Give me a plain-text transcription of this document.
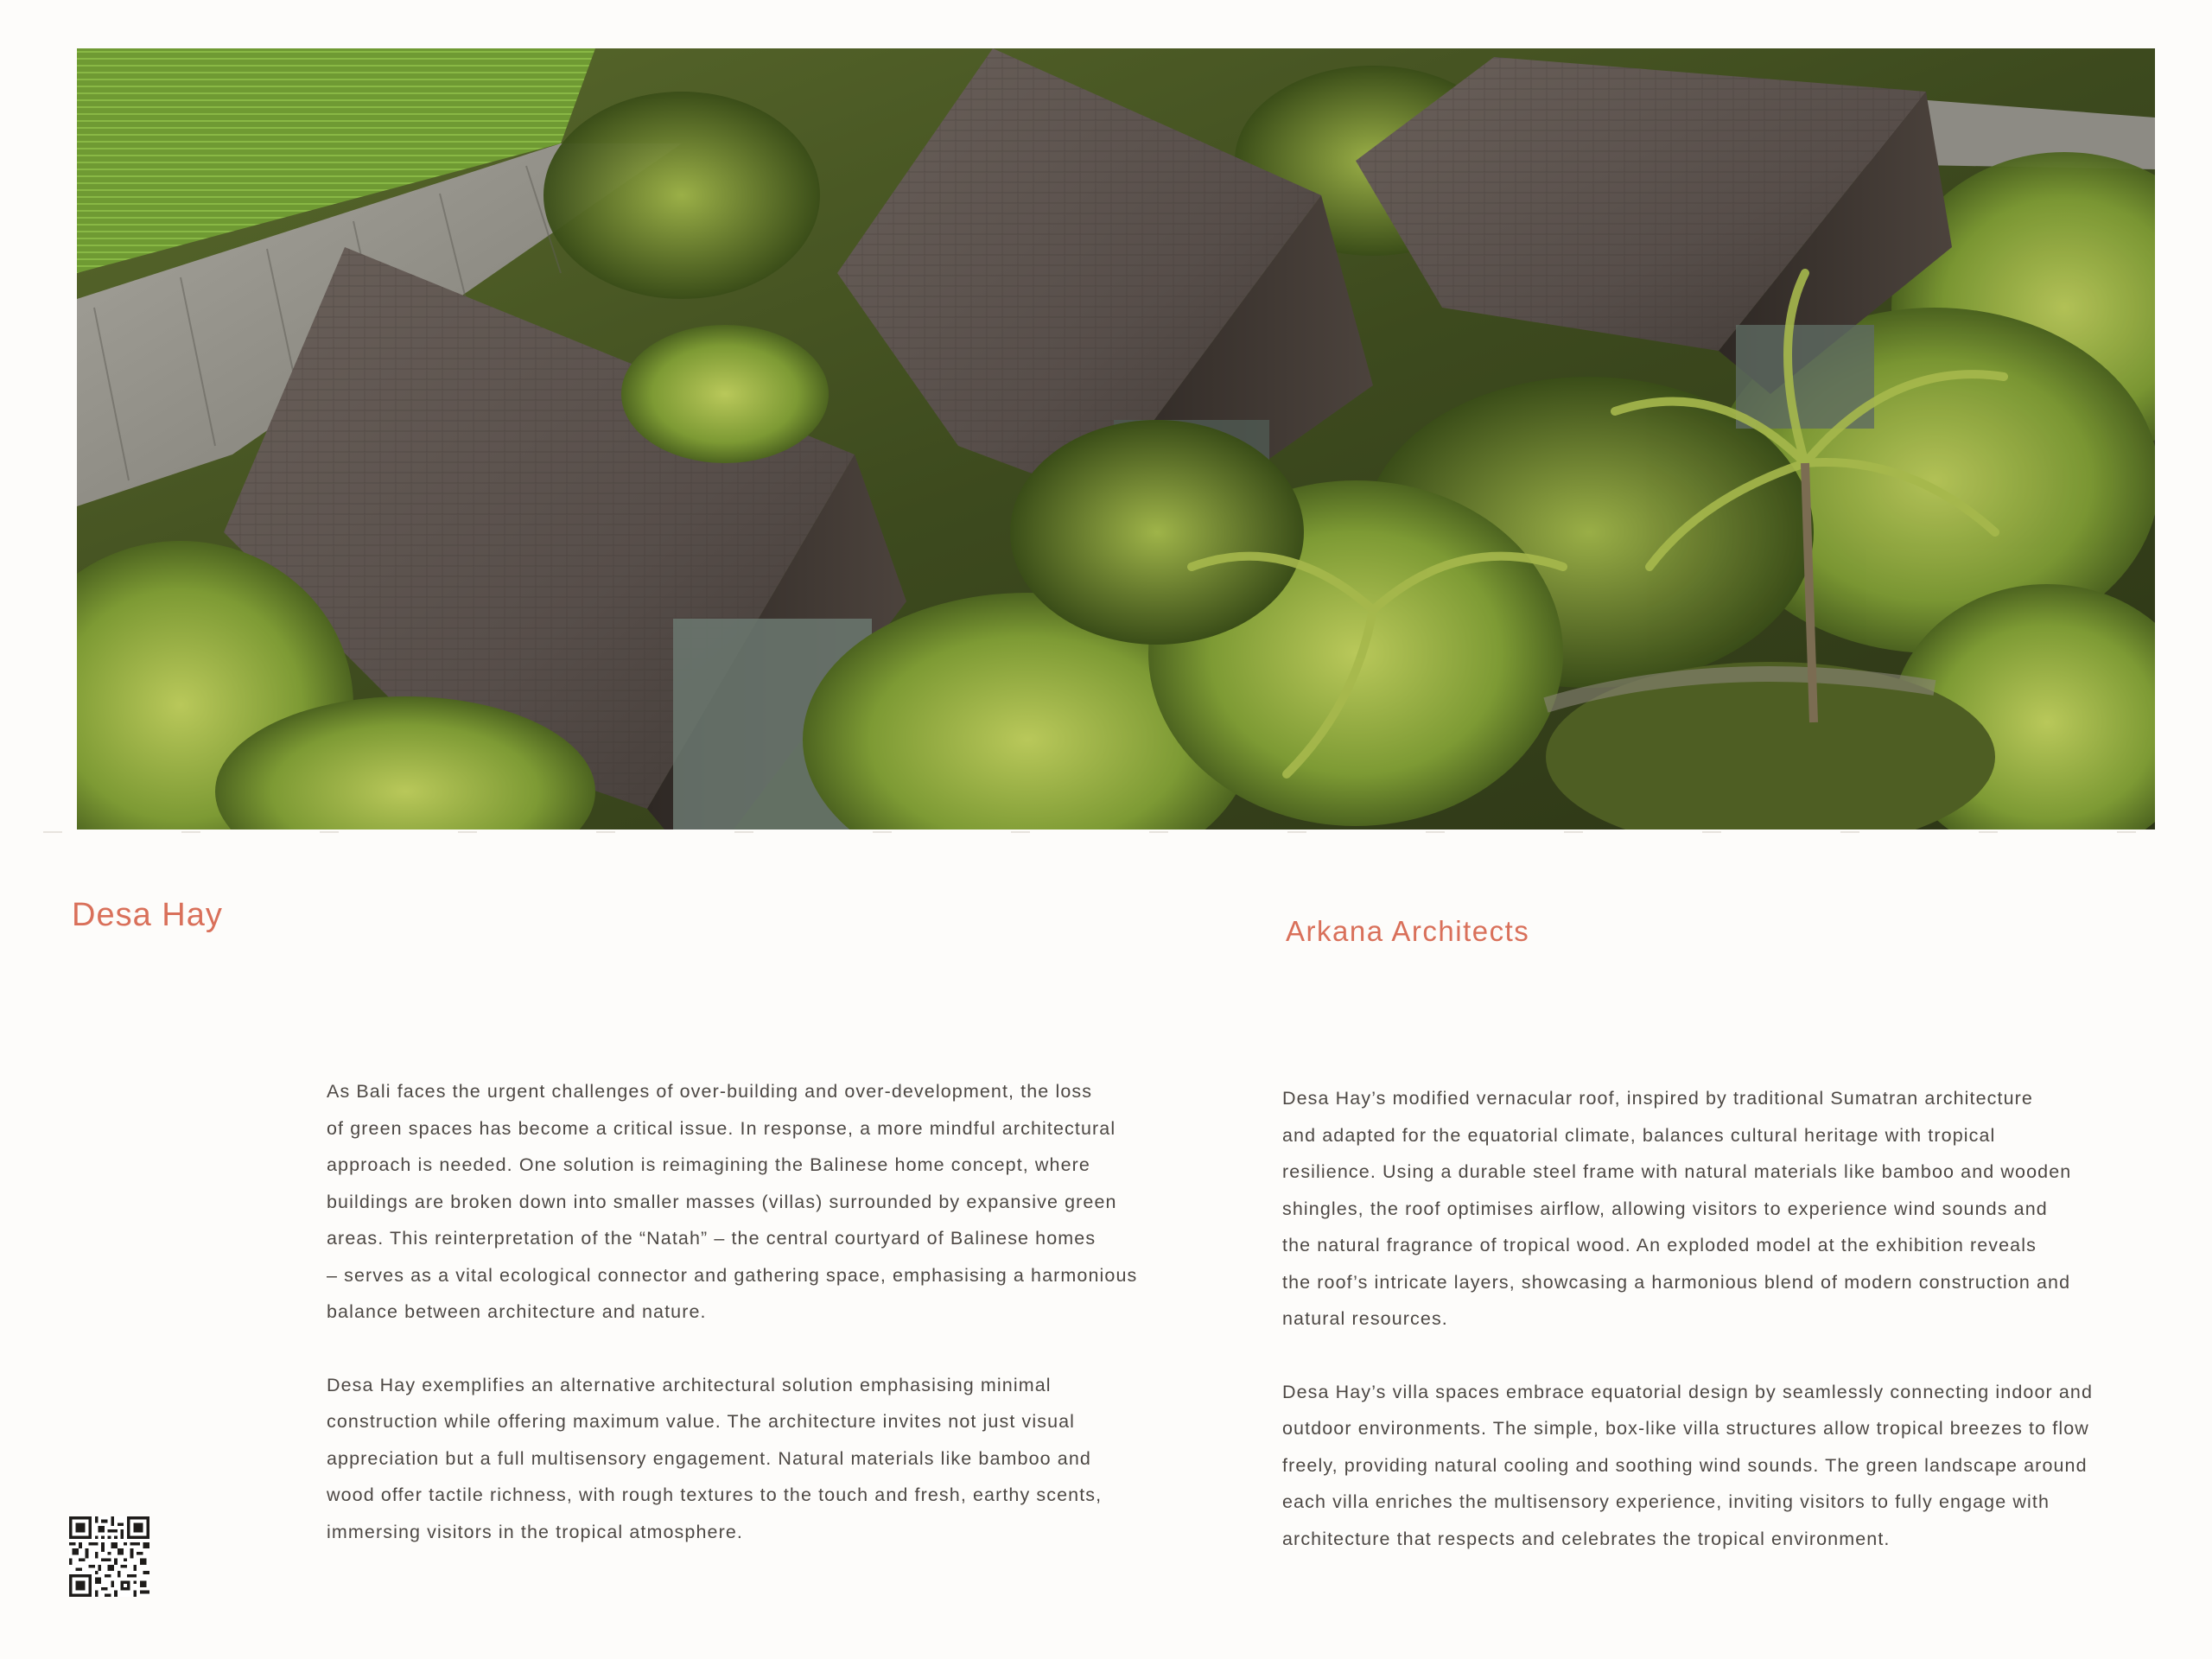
Desa Hay	Arkana Architects

As Bali faces the urgent challenges of over-building and over-development, the loss

of green spaces has become a critical issue. In response, a more mindful architectural

approach is needed. One solution is reimagining the Balinese home concept, where

buildings are broken down into smaller masses (villas) surrounded by expansive green

areas. This reinterpretation of the “Natah” – the central courtyard of Balinese homes

– serves as a vital ecological connector and gathering space, emphasising a harmonious

balance between architecture and nature.

Desa Hay exemplifies an alternative architectural solution emphasising minimal

construction while offering maximum value. The architecture invites not just visual

appreciation but a full multisensory engagement. Natural materials like bamboo and

wood offer tactile richness, with rough textures to the touch and fresh, earthy scents,

immersing visitors in the tropical atmosphere.

Desa Hay’s modified vernacular roof, inspired by traditional Sumatran architecture

and adapted for the equatorial climate, balances cultural heritage with tropical

resilience. Using a durable steel frame with natural materials like bamboo and wooden

shingles, the roof optimises airflow, allowing visitors to experience wind sounds and

the natural fragrance of tropical wood. An exploded model at the exhibition reveals

the roof’s intricate layers, showcasing a harmonious blend of modern construction and

natural resources.

Desa Hay’s villa spaces embrace equatorial design by seamlessly connecting indoor and

outdoor environments. The simple, box-like villa structures allow tropical breezes to flow

freely, providing natural cooling and soothing wind sounds. The green landscape around

each villa enriches the multisensory experience, inviting visitors to fully engage with

architecture that respects and celebrates the tropical environment.
